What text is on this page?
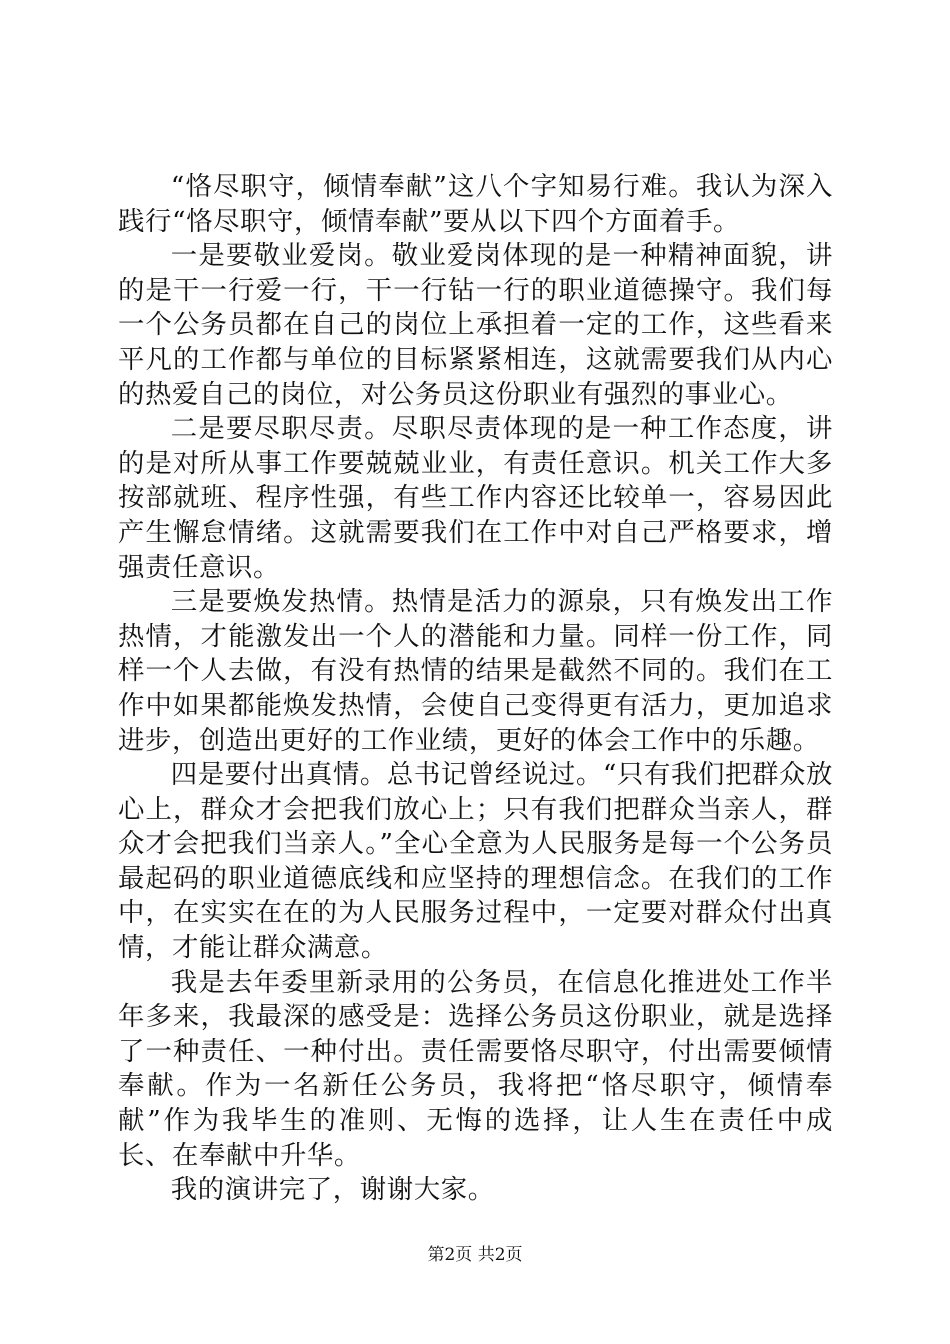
“恪尽职守，倾情奉献”这八个字知易行难。我认为深入践行“恪尽职守，倾情奉献”要从以下四个方面着手。

一是要敬业爱岗。敬业爱岗体现的是一种精神面貌，讲的是干一行爱一行，干一行钻一行的职业道德操守。我们每一个公务员都在自己的岗位上承担着一定的工作，这些看来平凡的工作都与单位的目标紧紧相连，这就需要我们从内心的热爱自己的岗位，对公务员这份职业有强烈的事业心。

二是要尽职尽责。尽职尽责体现的是一种工作态度，讲的是对所从事工作要兢兢业业，有责任意识。机关工作大多按部就班、程序性强，有些工作内容还比较单一，容易因此产生懈怠情绪。这就需要我们在工作中对自己严格要求，增强责任意识。

三是要焕发热情。热情是活力的源泉，只有焕发出工作热情，才能激发出一个人的潜能和力量。同样一份工作，同样一个人去做，有没有热情的结果是截然不同的。我们在工作中如果都能焕发热情，会使自己变得更有活力，更加追求进步，创造出更好的工作业绩，更好的体会工作中的乐趣。

四是要付出真情。总书记曾经说过。“只有我们把群众放心上，群众才会把我们放心上；只有我们把群众当亲人，群众才会把我们当亲人。”全心全意为人民服务是每一个公务员最起码的职业道德底线和应坚持的理想信念。在我们的工作中，在实实在在的为人民服务过程中，一定要对群众付出真情，才能让群众满意。

我是去年委里新录用的公务员，在信息化推进处工作半年多来，我最深的感受是：选择公务员这份职业，就是选择了一种责任、一种付出。责任需要恪尽职守，付出需要倾情奉献。作为一名新任公务员，我将把“恪尽职守，倾情奉献”作为我毕生的准则、无悔的选择，让人生在责任中成长、在奉献中升华。

我的演讲完了，谢谢大家。

第2页 共2页
